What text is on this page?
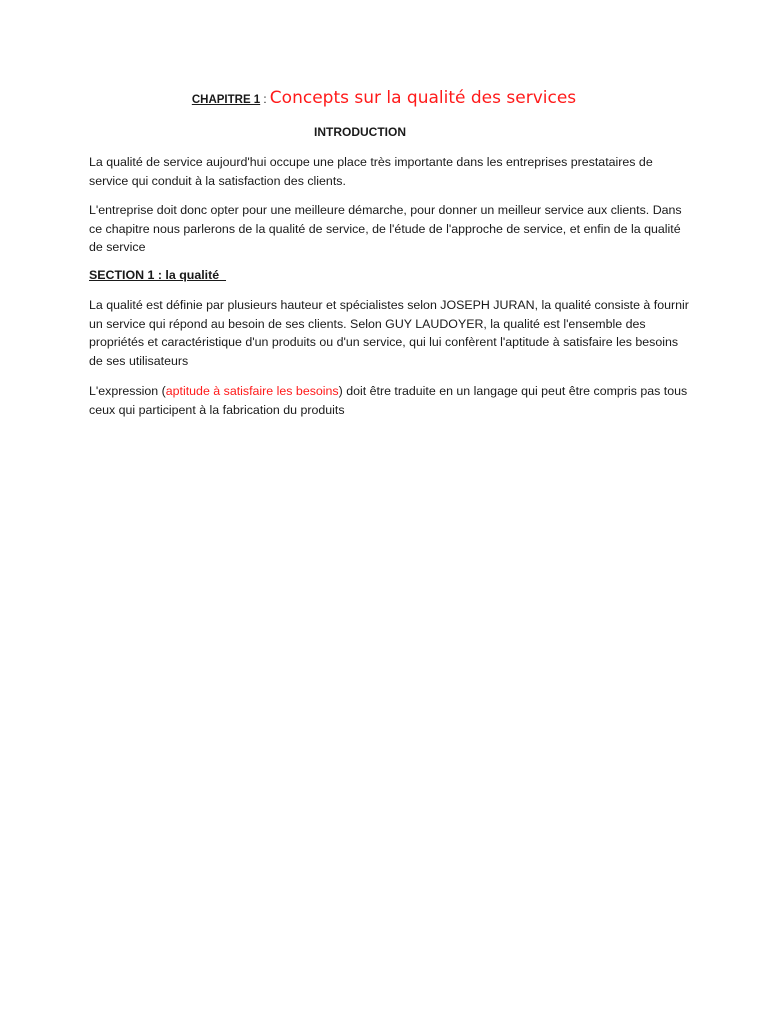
CHAPITRE 1 : Concepts sur la qualité des services
INTRODUCTION
La qualité de service aujourd'hui occupe une place très importante dans les entreprises prestataires de service qui conduit à la satisfaction des clients.
L'entreprise doit donc opter pour une meilleure démarche, pour donner un meilleur service aux clients. Dans ce chapitre nous parlerons de la qualité de service, de l'étude de l'approche de service, et enfin de la qualité de service
SECTION 1 : la qualité
La qualité est définie par plusieurs hauteur et spécialistes selon JOSEPH JURAN, la qualité consiste à fournir un service qui répond au besoin de ses clients. Selon GUY LAUDOYER, la qualité est l'ensemble des propriétés et caractéristique d'un produits ou d'un service, qui lui confèrent l'aptitude à satisfaire les besoins de ses utilisateurs
L'expression (aptitude à satisfaire les besoins) doit être traduite en un langage qui peut être compris pas tous ceux qui participent à la fabrication du produits
